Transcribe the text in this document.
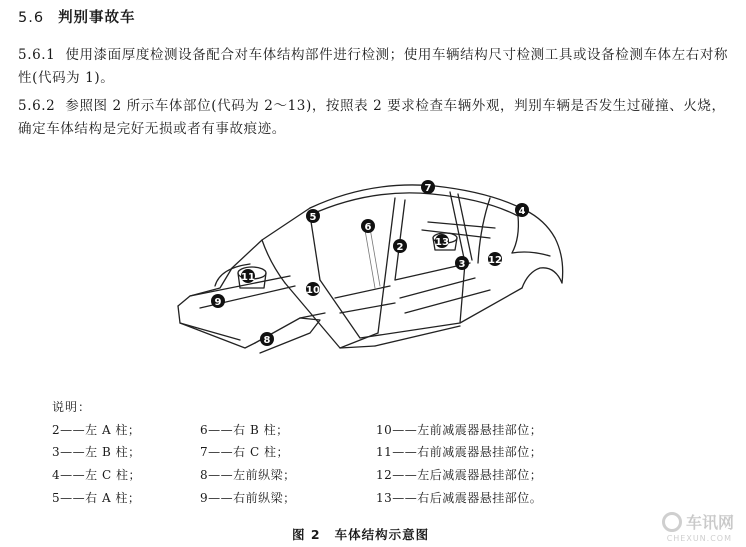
5.6 判别事故车
5.6.1 使用漆面厚度检测设备配合对车体结构部件进行检测；使用车辆结构尺寸检测工具或设备检测车体左右对称性(代码为 1)。
5.6.2 参照图 2 所示车体部位(代码为 2～13)，按照表 2 要求检查车辆外观，判别车辆是否发生过碰撞、火烧，确定车体结构是完好无损或者有事故痕迹。
2
3
4
5
6
7
8
9
10
11
12
13
说明：
2——左 A 柱；
3——左 B 柱；
4——左 C 柱；
5——右 A 柱；
6——右 B 柱；
7——右 C 柱；
8——左前纵梁；
9——右前纵梁；
10——左前减震器悬挂部位；
11——右前减震器悬挂部位；
12——左后减震器悬挂部位；
13——右后减震器悬挂部位。
图 2 车体结构示意图
车讯网
CHEXUN.COM
